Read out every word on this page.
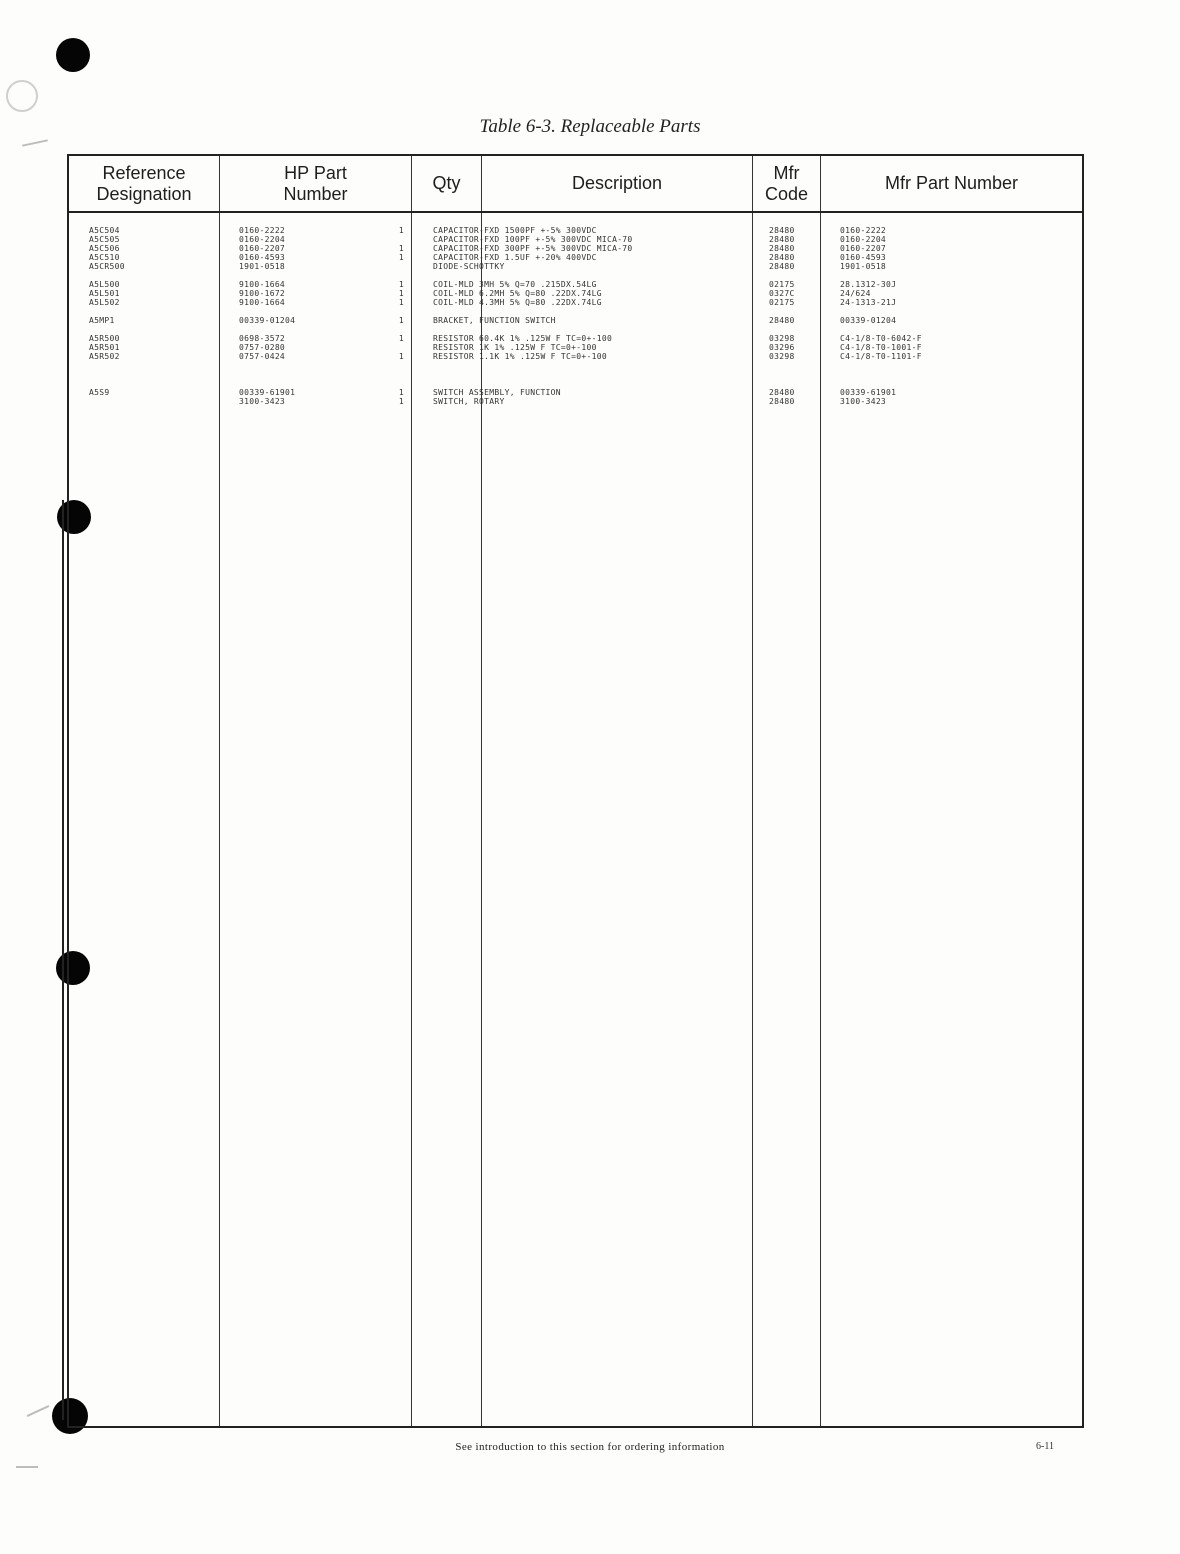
Table 6-3. Replaceable Parts
Reference
Designation
HP Part
Number
Qty	Description
Mfr
Code
Mfr Part Number
A5C504
A5C505
A5C506
A5C510
A5CR500
A5L500
A5L501
A5L502
A5MP1
A5R500
A5R501
A5R502
A5S9
0160-2222
0160-2204
0160-2207
0160-4593
1901-0518
9100-1664
9100-1672
9100-1664
00339-01204
0698-3572
0757-0280
0757-0424
00339-61901
3100-3423
1
1
1
1
1
1
1
1
1
1
1
CAPACITOR-FXD 1500PF +-5% 300VDC
CAPACITOR-FXD 100PF +-5% 300VDC MICA-70
CAPACITOR-FXD 300PF +-5% 300VDC MICA-70
CAPACITOR-FXD 1.5UF +-20% 400VDC
DIODE-SCHOTTKY
COIL-MLD 3MH 5% Q=70 .215DX.54LG
COIL-MLD 6.2MH 5% Q=80 .22DX.74LG
COIL-MLD 4.3MH 5% Q=80 .22DX.74LG
BRACKET, FUNCTION SWITCH
RESISTOR 60.4K 1% .125W F TC=0+-100
RESISTOR 1K 1% .125W F TC=0+-100
RESISTOR 1.1K 1% .125W F TC=0+-100
SWITCH ASSEMBLY, FUNCTION
SWITCH, ROTARY
28480
28480
28480
28480
28480
02175
0327C
02175
28480
03298
03296
03298
28480
28480
0160-2222
0160-2204
0160-2207
0160-4593
1901-0518
28.1312-30J
24/624
24-1313-21J
00339-01204
C4-1/8-T0-6042-F
C4-1/8-T0-1001-F
C4-1/8-T0-1101-F
00339-61901
3100-3423
See introduction to this section for ordering information	6-11
